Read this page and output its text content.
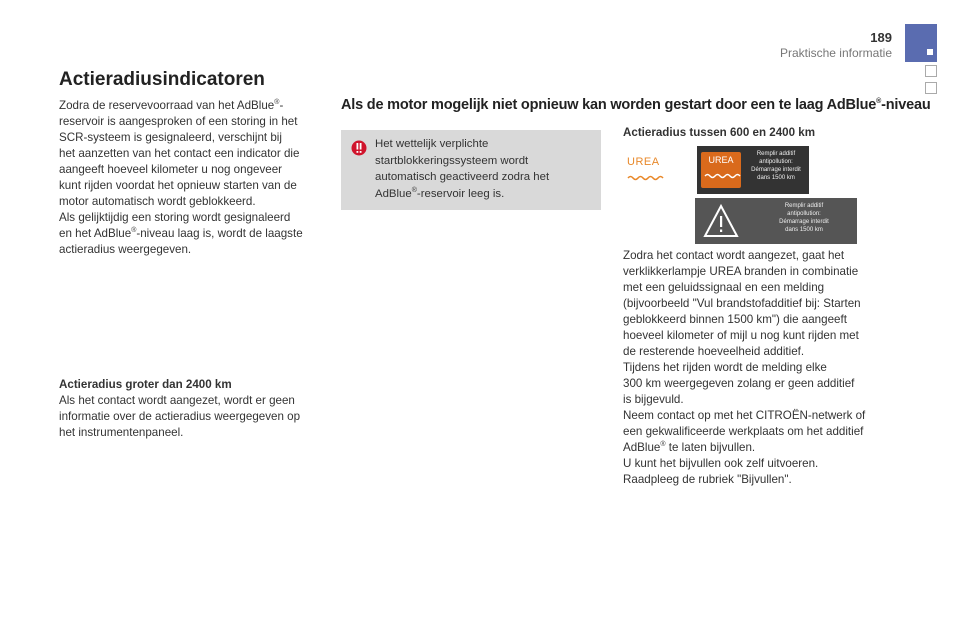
189
Praktische informatie
Actieradiusindicatoren
Zodra de reservevoorraad van het AdBlue®-
reservoir is aangesproken of een storing in het
SCR-systeem is gesignaleerd, verschijnt bij
het aanzetten van het contact een indicator die
aangeeft hoeveel kilometer u nog ongeveer
kunt rijden voordat het opnieuw starten van de
motor automatisch wordt geblokkeerd.
Als gelijktijdig een storing wordt gesignaleerd
en het AdBlue®-niveau laag is, wordt de laagste
actieradius weergegeven.
Actieradius groter dan 2400 km
Als het contact wordt aangezet, wordt er geen
informatie over de actieradius weergegeven op
het instrumentenpaneel.
Als de motor mogelijk niet opnieuw kan worden gestart door een te laag AdBlue®-niveau
Het wettelijk verplichte
startblokkeringssysteem wordt
automatisch geactiveerd zodra het
AdBlue®-reservoir leeg is.
Actieradius tussen 600 en 2400 km
UREA	UREA
Remplir additif
antipollution:
Démarrage interdit
dans 1500 km
Remplir additif
antipollution:
Démarrage interdit
dans 1500 km
Zodra het contact wordt aangezet, gaat het
verklikkerlampje UREA branden in combinatie
met een geluidssignaal en een melding
(bijvoorbeeld "Vul brandstofadditief bij: Starten
geblokkeerd binnen 1500 km") die aangeeft
hoeveel kilometer of mijl u nog kunt rijden met
de resterende hoeveelheid additief.
Tijdens het rijden wordt de melding elke
300 km weergegeven zolang er geen additief
is bijgevuld.
Neem contact op met het CITROËN-netwerk of
een gekwalificeerde werkplaats om het additief
AdBlue® te laten bijvullen.
U kunt het bijvullen ook zelf uitvoeren.
Raadpleeg de rubriek "Bijvullen".
